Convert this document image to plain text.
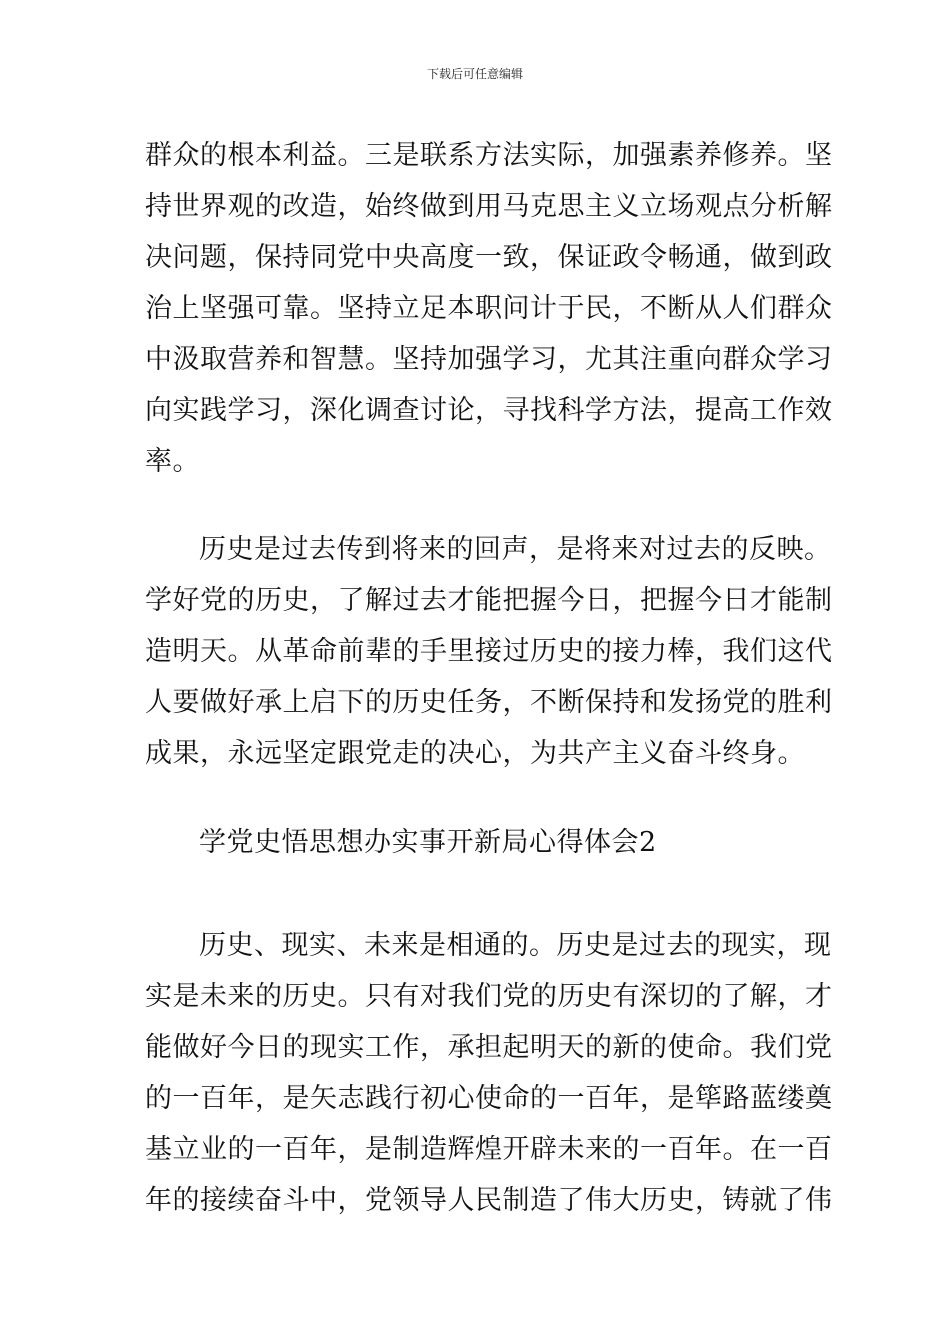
下载后可任意编辑
群众的根本利益。三是联系方法实际，加强素养修养。坚
持世界观的改造，始终做到用马克思主义立场观点分析解
决问题，保持同党中央高度一致，保证政令畅通，做到政
治上坚强可靠。坚持立足本职问计于民，不断从人们群众
中汲取营养和智慧。坚持加强学习，尤其注重向群众学习
向实践学习，深化调查讨论，寻找科学方法，提高工作效
率。
历史是过去传到将来的回声，是将来对过去的反映。
学好党的历史，了解过去才能把握今日，把握今日才能制
造明天。从革命前辈的手里接过历史的接力棒，我们这代
人要做好承上启下的历史任务，不断保持和发扬党的胜利
成果，永远坚定跟党走的决心，为共产主义奋斗终身。
学党史悟思想办实事开新局心得体会2
历史、现实、未来是相通的。历史是过去的现实，现
实是未来的历史。只有对我们党的历史有深切的了解，才
能做好今日的现实工作，承担起明天的新的使命。我们党
的一百年，是矢志践行初心使命的一百年，是筚路蓝缕奠
基立业的一百年，是制造辉煌开辟未来的一百年。在一百
年的接续奋斗中，党领导人民制造了伟大历史，铸就了伟
